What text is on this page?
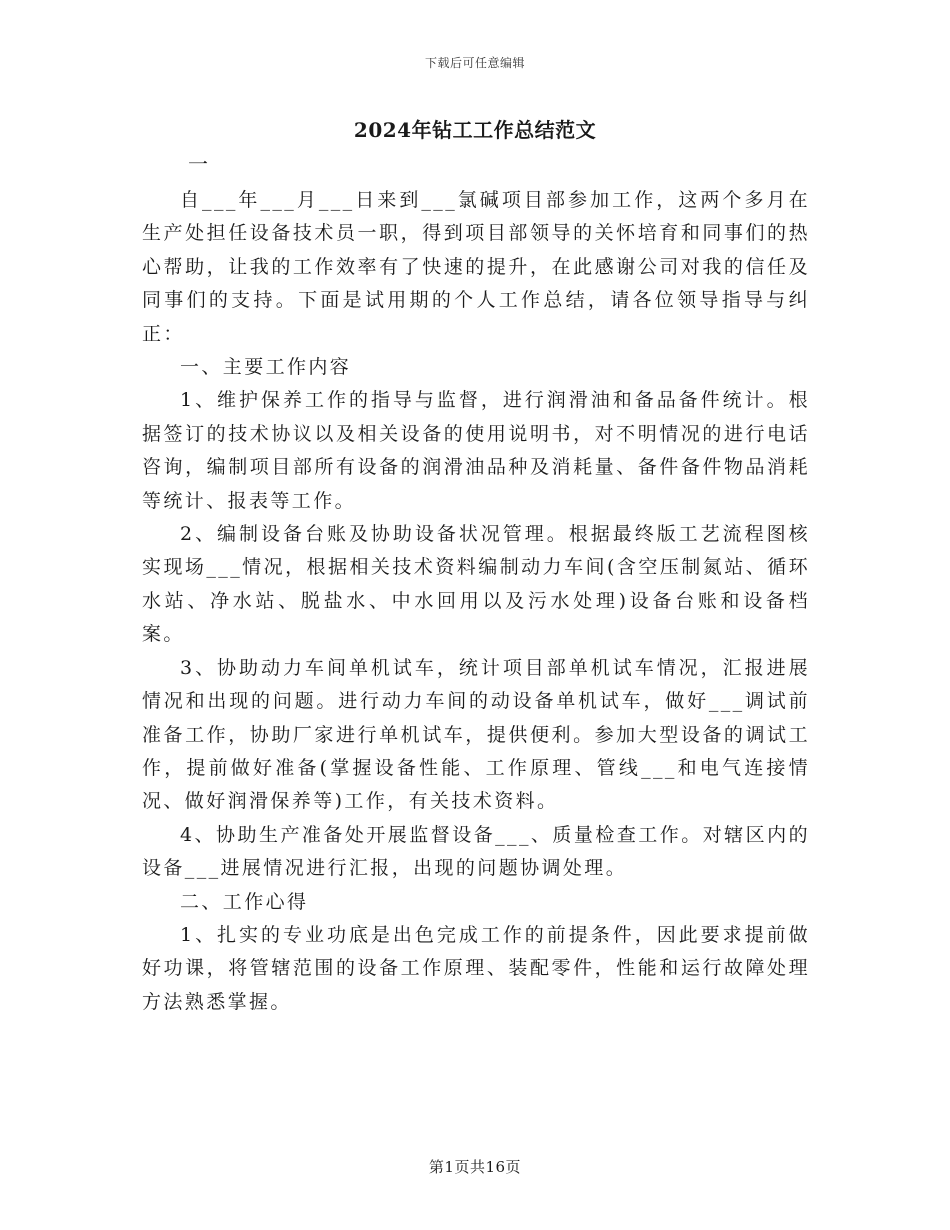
下载后可任意编辑
2024年钻工工作总结范文
一

自___年___月___日来到___氯碱项目部参加工作，这两个多月在生产处担任设备技术员一职，得到项目部领导的关怀培育和同事们的热心帮助，让我的工作效率有了快速的提升，在此感谢公司对我的信任及同事们的支持。下面是试用期的个人工作总结，请各位领导指导与纠正：

一、主要工作内容

1、维护保养工作的指导与监督，进行润滑油和备品备件统计。根据签订的技术协议以及相关设备的使用说明书，对不明情况的进行电话咨询，编制项目部所有设备的润滑油品种及消耗量、备件备件物品消耗等统计、报表等工作。

2、编制设备台账及协助设备状况管理。根据最终版工艺流程图核实现场___情况，根据相关技术资料编制动力车间(含空压制氮站、循环水站、净水站、脱盐水、中水回用以及污水处理)设备台账和设备档案。

3、协助动力车间单机试车，统计项目部单机试车情况，汇报进展情况和出现的问题。进行动力车间的动设备单机试车，做好___调试前准备工作，协助厂家进行单机试车，提供便利。参加大型设备的调试工作，提前做好准备(掌握设备性能、工作原理、管线___和电气连接情况、做好润滑保养等)工作，有关技术资料。

4、协助生产准备处开展监督设备___、质量检查工作。对辖区内的设备___进展情况进行汇报，出现的问题协调处理。

二、工作心得

1、扎实的专业功底是出色完成工作的前提条件，因此要求提前做好功课，将管辖范围的设备工作原理、装配零件，性能和运行故障处理方法熟悉掌握。

第1页共16页
